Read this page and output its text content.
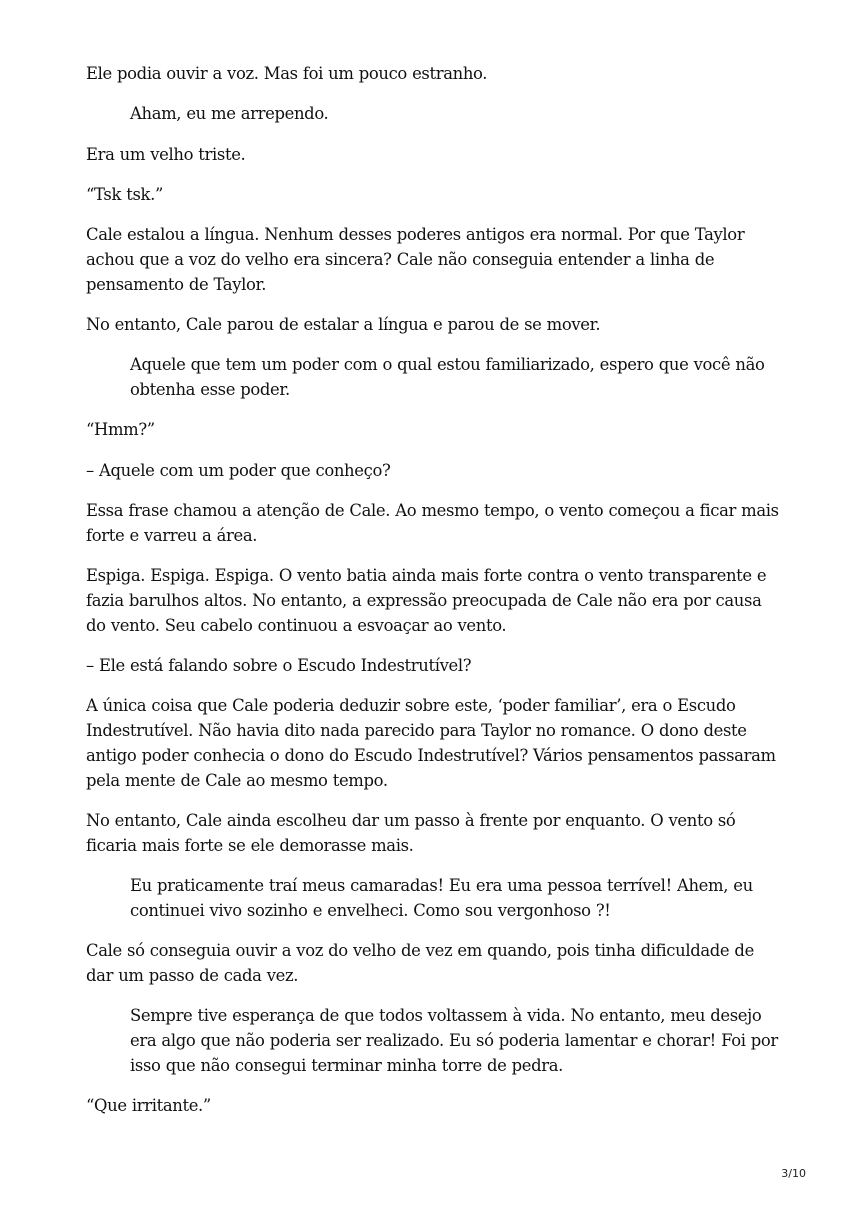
Ele podia ouvir a voz. Mas foi um pouco estranho.

Aham, eu me arrependo.

Era um velho triste.

“Tsk tsk.”

Cale estalou a língua. Nenhum desses poderes antigos era normal. Por que Taylor achou que a voz do velho era sincera? Cale não conseguia entender a linha de pensamento de Taylor.

No entanto, Cale parou de estalar a língua e parou de se mover.

Aquele que tem um poder com o qual estou familiarizado, espero que você não obtenha esse poder.

“Hmm?”

– Aquele com um poder que conheço?

Essa frase chamou a atenção de Cale. Ao mesmo tempo, o vento começou a ficar mais forte e varreu a área.

Espiga. Espiga. Espiga. O vento batia ainda mais forte contra o vento transparente e fazia barulhos altos. No entanto, a expressão preocupada de Cale não era por causa do vento. Seu cabelo continuou a esvoaçar ao vento.

– Ele está falando sobre o Escudo Indestrutível?

A única coisa que Cale poderia deduzir sobre este, ‘poder familiar’, era o Escudo Indestrutível. Não havia dito nada parecido para Taylor no romance. O dono deste antigo poder conhecia o dono do Escudo Indestrutível? Vários pensamentos passaram pela mente de Cale ao mesmo tempo.

No entanto, Cale ainda escolheu dar um passo à frente por enquanto. O vento só ficaria mais forte se ele demorasse mais.

Eu praticamente traí meus camaradas! Eu era uma pessoa terrível! Ahem, eu continuei vivo sozinho e envelheci. Como sou vergonhoso ?!

Cale só conseguia ouvir a voz do velho de vez em quando, pois tinha dificuldade de dar um passo de cada vez.

Sempre tive esperança de que todos voltassem à vida. No entanto, meu desejo era algo que não poderia ser realizado. Eu só poderia lamentar e chorar! Foi por isso que não consegui terminar minha torre de pedra.

“Que irritante.”

3/10
